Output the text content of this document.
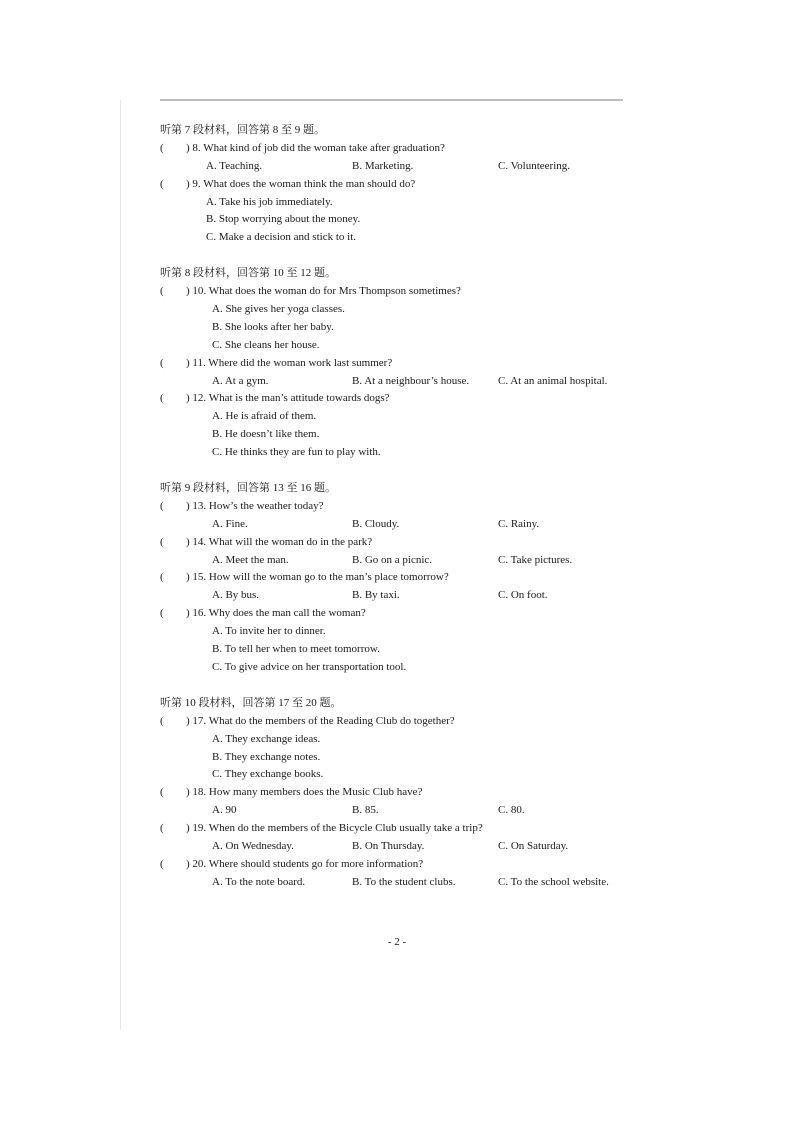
听第 7 段材料，回答第 8 至 9 题。
( ) 8. What kind of job did the woman take after graduation?
A. Teaching.	B. Marketing.	C. Volunteering.
( ) 9. What does the woman think the man should do?
A. Take his job immediately.
B. Stop worrying about the money.
C. Make a decision and stick to it.
听第 8 段材料，回答第 10 至 12 题。
( ) 10. What does the woman do for Mrs Thompson sometimes?
A. She gives her yoga classes.
B. She looks after her baby.
C. She cleans her house.
( ) 11. Where did the woman work last summer?
A. At a gym.	B. At a neighbour’s house.	C. At an animal hospital.
( ) 12. What is the man’s attitude towards dogs?
A. He is afraid of them.
B. He doesn’t like them.
C. He thinks they are fun to play with.
听第 9 段材料，回答第 13 至 16 题。
( ) 13. How’s the weather today?
A. Fine.	B. Cloudy.	C. Rainy.
( ) 14. What will the woman do in the park?
A. Meet the man.	B. Go on a picnic.	C. Take pictures.
( ) 15. How will the woman go to the man’s place tomorrow?
A. By bus.	B. By taxi.	C. On foot.
( ) 16. Why does the man call the woman?
A. To invite her to dinner.
B. To tell her when to meet tomorrow.
C. To give advice on her transportation tool.
听第 10 段材料，回答第 17 至 20 题。
( ) 17. What do the members of the Reading Club do together?
A. They exchange ideas.
B. They exchange notes.
C. They exchange books.
( ) 18. How many members does the Music Club have?
A. 90	B. 85.	C. 80.
( ) 19. When do the members of the Bicycle Club usually take a trip?
A. On Wednesday.	B. On Thursday.	C. On Saturday.
( ) 20. Where should students go for more information?
A. To the note board.	B. To the student clubs.	C. To the school website.
- 2 -
